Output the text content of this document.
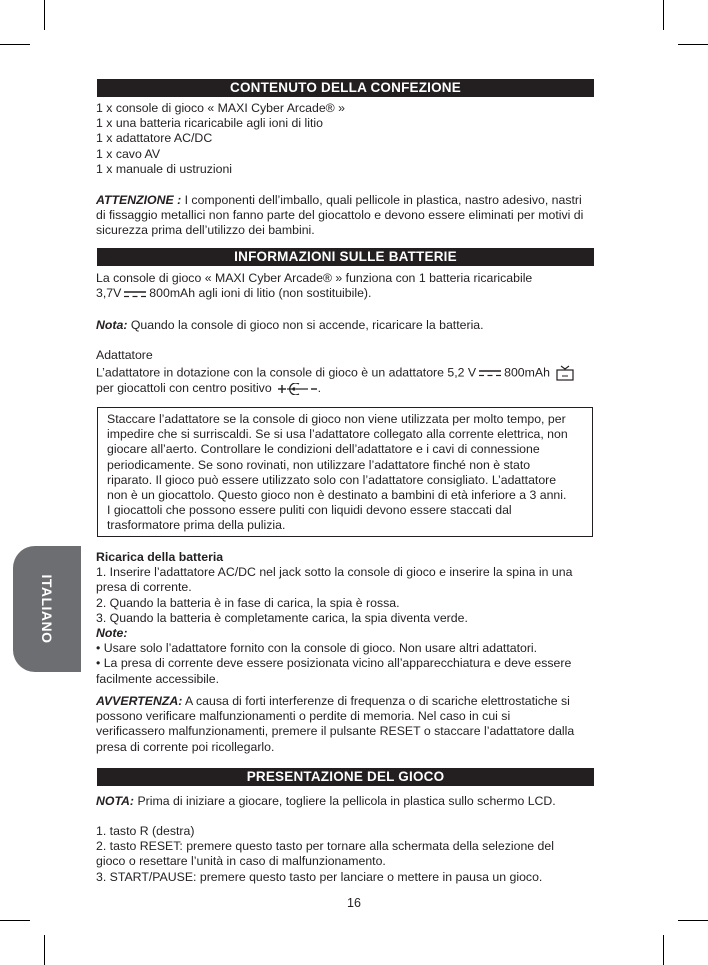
CONTENUTO DELLA CONFEZIONE
1 x console di gioco « MAXI Cyber Arcade® »
1 x una batteria ricaricabile agli ioni di litio
1 x adattatore AC/DC
1 x cavo AV
1 x manuale di ustruzioni
ATTENZIONE : I componenti dell’imballo, quali pellicole in plastica, nastro adesivo, nastri
di fissaggio metallici non fanno parte del giocattolo e devono essere eliminati per motivi di
sicurezza prima dell’utilizzo dei bambini.
INFORMAZIONI SULLE BATTERIE
La console di gioco « MAXI Cyber Arcade® » funziona con 1 batteria ricaricabile
3,7V 800mAh agli ioni di litio (non sostituibile).
Nota: Quando la console di gioco non si accende, ricaricare la batteria.
Adattatore
L’adattatore in dotazione con la console di gioco è un adattatore 5,2 V 800mAh
per giocattoli con centro positivo	.
Staccare l’adattatore se la console di gioco non viene utilizzata per molto tempo, per
impedire che si surriscaldi. Se si usa l’adattatore collegato alla corrente elettrica, non
giocare all’aerto. Controllare le condizioni dell’adattatore e i cavi di connessione
periodicamente. Se sono rovinati, non utilizzare l’adattatore finché non è stato
riparato. Il gioco può essere utilizzato solo con l’adattatore consigliato. L’adattatore
non è un giocattolo. Questo gioco non è destinato a bambini di età inferiore a 3 anni.
I giocattoli che possono essere puliti con liquidi devono essere staccati dal
trasformatore prima della pulizia.
ITALIANO
Ricarica della batteria
1. Inserire l’adattatore AC/DC nel jack sotto la console di gioco e inserire la spina in una
presa di corrente.
2. Quando la batteria è in fase di carica, la spia è rossa.
3. Quando la batteria è completamente carica, la spia diventa verde.
Note:
• Usare solo l’adattatore fornito con la console di gioco. Non usare altri adattatori.
• La presa di corrente deve essere posizionata vicino all’apparecchiatura e deve essere
facilmente accessibile.
AVVERTENZA: A causa di forti interferenze di frequenza o di scariche elettrostatiche si
possono verificare malfunzionamenti o perdite di memoria. Nel caso in cui si
verificassero malfunzionamenti, premere il pulsante RESET o staccare l’adattatore dalla
presa di corrente poi ricollegarlo.
PRESENTAZIONE DEL GIOCO
NOTA: Prima di iniziare a giocare, togliere la pellicola in plastica sullo schermo LCD.
1. tasto R (destra)
2. tasto RESET: premere questo tasto per tornare alla schermata della selezione del
gioco o resettare l’unità in caso di malfunzionamento.
3. START/PAUSE: premere questo tasto per lanciare o mettere in pausa un gioco.
16
